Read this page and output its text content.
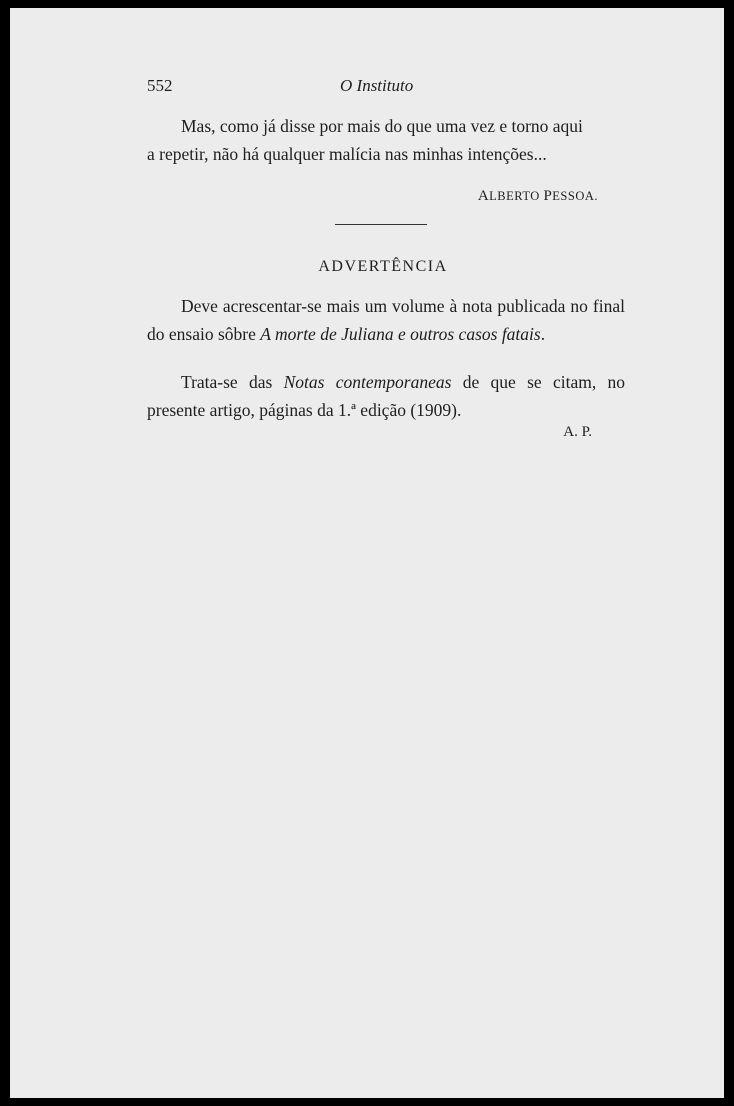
552	O Instituto
Mas, como já disse por mais do que uma vez e torno aqui
a repetir, não há qualquer malícia nas minhas intenções...
ALBERTO PESSOA.
ADVERTÊNCIA
Deve acrescentar-se mais um volume à nota publicada no final do ensaio sôbre A morte de Juliana e outros casos fatais.
Trata-se das Notas contemporaneas de que se citam, no presente artigo, páginas da 1.ª edição (1909).
A. P.
